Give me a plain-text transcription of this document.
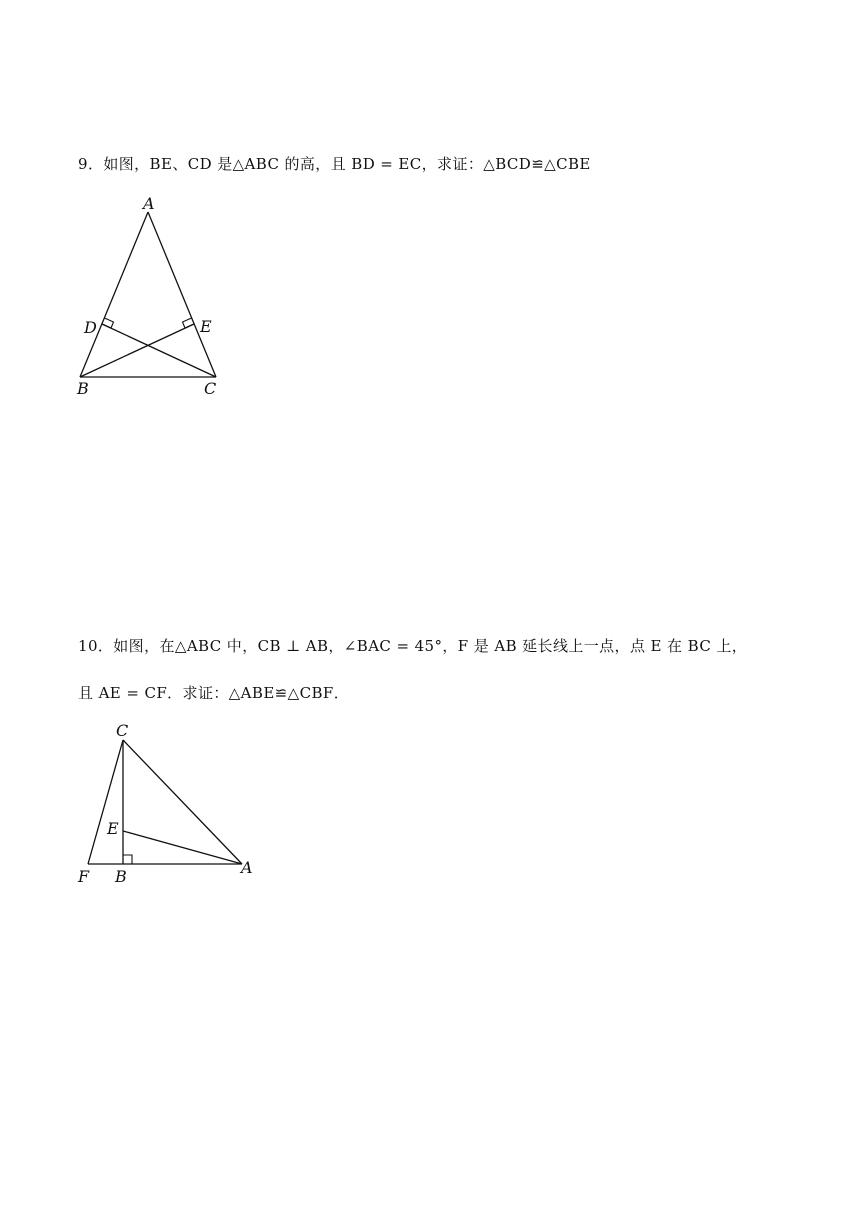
9．如图，BE、CD 是△ABC 的高，且 BD = EC，求证：△BCD≌△CBE
A
D	E
B	C
10．如图，在△ABC 中，CB ⊥ AB，∠BAC = 45°，F 是 AB 延长线上一点，点 E 在 BC 上，
且 AE = CF．求证：△ABE≌△CBF．
C
E
F B	A
